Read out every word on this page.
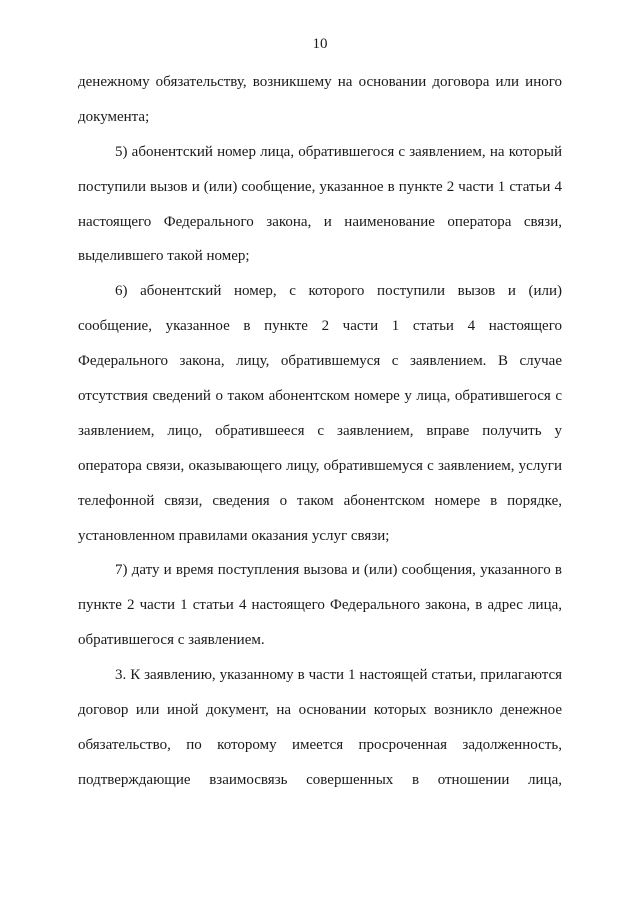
10
денежному обязательству, возникшему на основании договора или иного
документа;
5) абонентский номер лица, обратившегося с заявлением, на который
поступили вызов и (или) сообщение, указанное в пункте 2 части 1 статьи 4
настоящего Федерального закона, и наименование оператора связи,
выделившего такой номер;
6) абонентский номер, с которого поступили вызов и (или)
сообщение, указанное в пункте 2 части 1 статьи 4 настоящего
Федерального закона, лицу, обратившемуся с заявлением. В случае
отсутствия сведений о таком абонентском номере у лица, обратившегося с
заявлением, лицо, обратившееся с заявлением, вправе получить у
оператора связи, оказывающего лицу, обратившемуся с заявлением, услуги
телефонной связи, сведения о таком абонентском номере в порядке,
установленном правилами оказания услуг связи;
7) дату и время поступления вызова и (или) сообщения, указанного в
пункте 2 части 1 статьи 4 настоящего Федерального закона, в адрес лица,
обратившегося с заявлением.
3. К заявлению, указанному в части 1 настоящей статьи, прилагаются
договор или иной документ, на основании которых возникло денежное
обязательство, по которому имеется просроченная задолженность,
подтверждающие взаимосвязь совершенных в отношении лица,
